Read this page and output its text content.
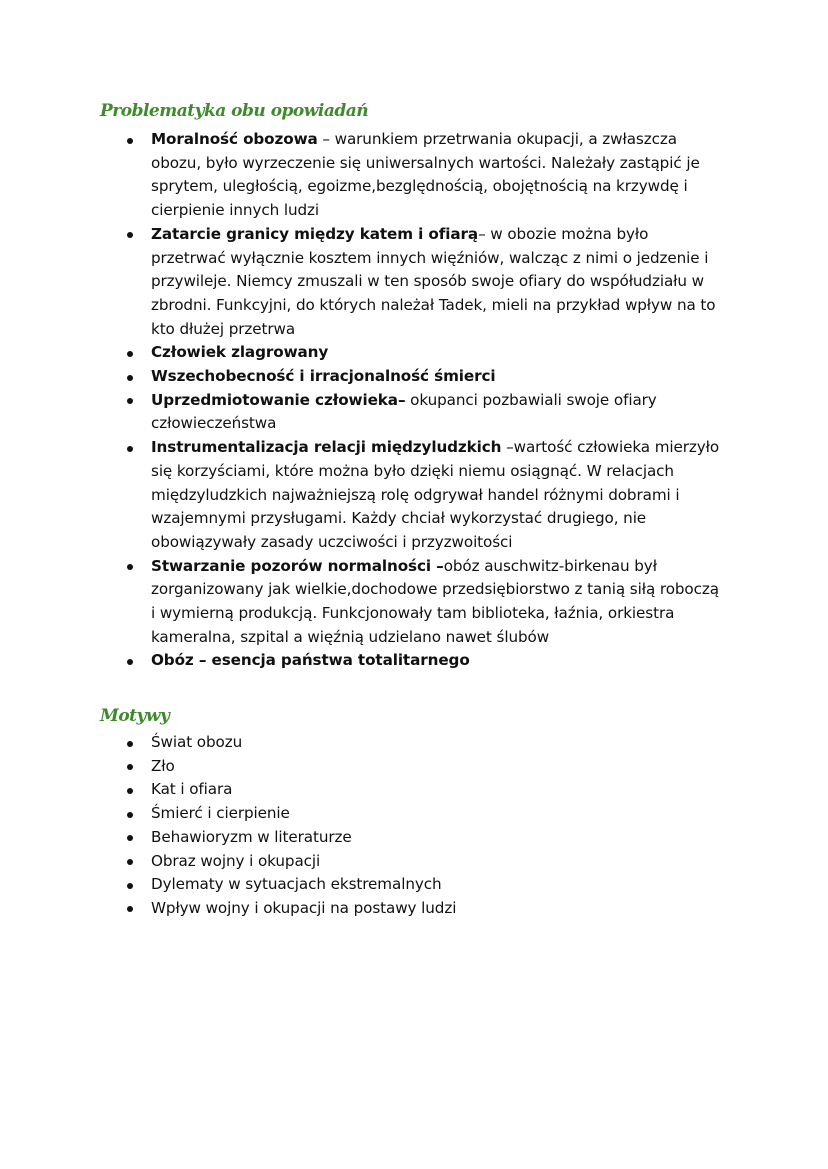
Problematyka obu opowiadań
Moralność obozowa – warunkiem przetrwania okupacji, a zwłaszcza obozu, było wyrzeczenie się uniwersalnych wartości. Należały zastąpić je sprytem, uległością, egoizme,bezględnością, obojętnością na krzywdę i cierpienie innych ludzi
Zatarcie granicy między katem i ofiarą– w obozie można było przetrwać wyłącznie kosztem innych więźniów, walcząc z nimi o jedzenie i przywileje. Niemcy zmuszali w ten sposób swoje ofiary do współudziału w zbrodni. Funkcyjni, do których należał Tadek, mieli na przykład wpływ na to kto dłużej przetrwa
Człowiek zlagrowany
Wszechobecność i irracjonalność śmierci
Uprzedmiotowanie człowieka– okupanci pozbawiali swoje ofiary człowieczeństwa
Instrumentalizacja relacji międzyludzkich –wartość człowieka mierzyło się korzyściami, które można było dzięki niemu osiągnąć. W relacjach międzyludzkich najważniejszą rolę odgrywał handel różnymi dobrami i wzajemnymi przysługami. Każdy chciał wykorzystać drugiego, nie obowiązywały zasady uczciwości i przyzwoitości
Stwarzanie pozorów normalności –obóz auschwitz-birkenau był zorganizowany jak wielkie,dochodowe przedsiębiorstwo z tanią siłą roboczą i wymierną produkcją. Funkcjonowały tam biblioteka, łaźnia, orkiestra kameralna, szpital a więźnią udzielano nawet ślubów
Obóz – esencja państwa totalitarnego
Motywy
Świat obozu
Zło
Kat i ofiara
Śmierć i cierpienie
Behawioryzm w literaturze
Obraz wojny i okupacji
Dylematy w sytuacjach ekstremalnych
Wpływ wojny i okupacji na postawy ludzi
